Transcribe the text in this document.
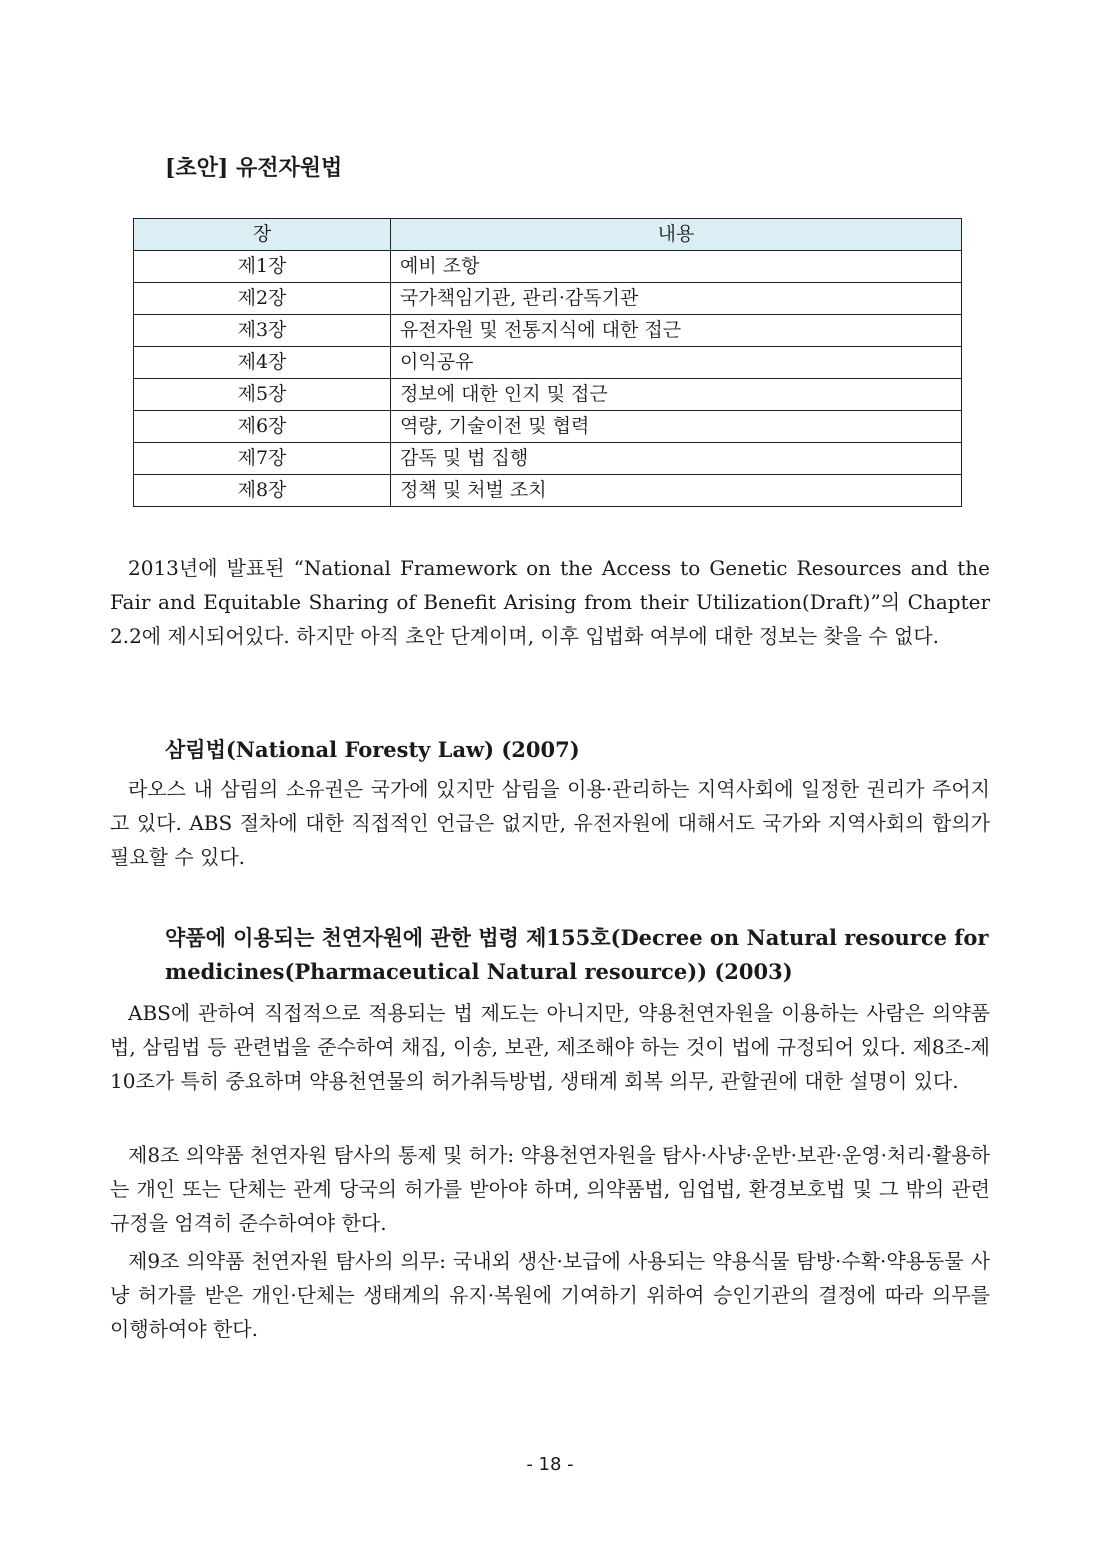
[초안] 유전자원법
장	내용
제1장	예비 조항
제2장	국가책임기관, 관리·감독기관
제3장	유전자원 및 전통지식에 대한 접근
제4장	이익공유
제5장	정보에 대한 인지 및 접근
제6장	역량, 기술이전 및 협력
제7장	감독 및 법 집행
제8장	정책 및 처벌 조치

2013년에 발표된 “National Framework on the Access to Genetic Resources and the Fair and Equitable Sharing of Benefit Arising from their Utilization(Draft)”의 Chapter 2.2에 제시되어있다. 하지만 아직 초안 단계이며, 이후 입법화 여부에 대한 정보는 찾을 수 없다.

삼림법(National Foresty Law) (2007)

라오스 내 삼림의 소유권은 국가에 있지만 삼림을 이용·관리하는 지역사회에 일정한 권리가 주어지고 있다. ABS 절차에 대한 직접적인 언급은 없지만, 유전자원에 대해서도 국가와 지역사회의 합의가 필요할 수 있다.

약품에 이용되는 천연자원에 관한 법령 제155호(Decree on Natural resource for medicines(Pharmaceutical Natural resource)) (2003)

ABS에 관하여 직접적으로 적용되는 법 제도는 아니지만, 약용천연자원을 이용하는 사람은 의약품법, 삼림법 등 관련법을 준수하여 채집, 이송, 보관, 제조해야 하는 것이 법에 규정되어 있다. 제8조-제10조가 특히 중요하며 약용천연물의 허가취득방법, 생태계 회복 의무, 관할권에 대한 설명이 있다.

제8조 의약품 천연자원 탐사의 통제 및 허가: 약용천연자원을 탐사·사냥·운반·보관·운영·처리·활용하는 개인 또는 단체는 관계 당국의 허가를 받아야 하며, 의약품법, 임업법, 환경보호법 및 그 밖의 관련 규정을 엄격히 준수하여야 한다.

제9조 의약품 천연자원 탐사의 의무: 국내외 생산·보급에 사용되는 약용식물 탐방·수확·약용동물 사냥 허가를 받은 개인·단체는 생태계의 유지·복원에 기여하기 위하여 승인기관의 결정에 따라 의무를 이행하여야 한다.

- 18 -
